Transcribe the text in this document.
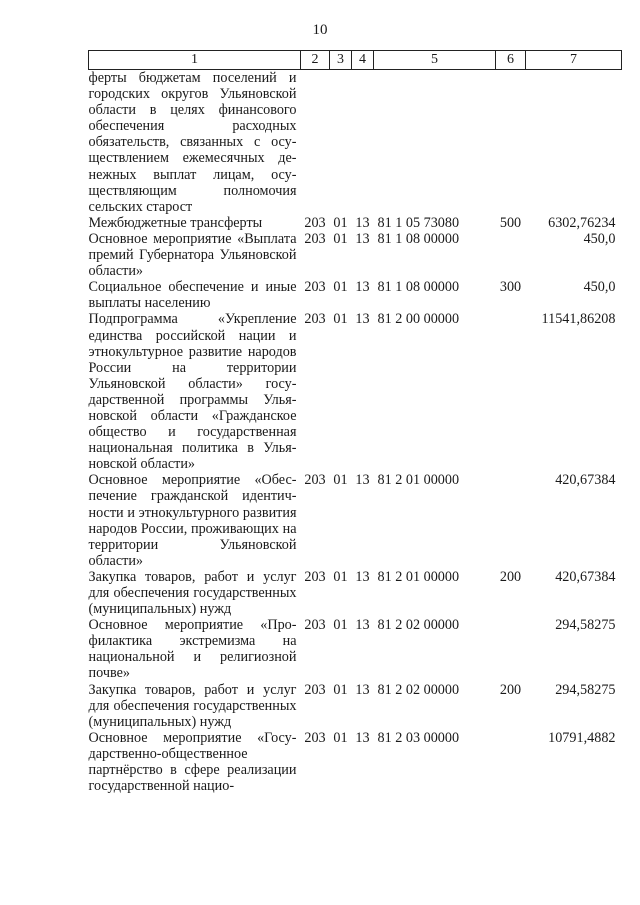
10
1	2	3	4	5	6	7
ферты бюджетам поселений и городских округов Ульяновской области в целях финансового обеспечения расходных обязательств, связанных с осуществлением ежемесячных денежных выплат лицам, осуществляющим полномочия сельских старост						
Межбюджетные трансферты	203	01	13	81 1 05 73080	500	6302,76234
Основное мероприятие «Выплата премий Губернатора Ульяновской области»	203	01	13	81 1 08 00000		450,0
Социальное обеспечение и иные выплаты населению	203	01	13	81 1 08 00000	300	450,0
Подпрограмма «Укрепление единства российской нации и этнокультурное развитие народов России на территории Ульяновской области» государственной программы Ульяновской области «Гражданское общество и государственная национальная политика в Ульяновской области»	203	01	13	81 2 00 00000		11541,86208
Основное мероприятие «Обеспечение гражданской идентичности и этнокультурного развития народов России, проживающих на территории Ульяновской области»	203	01	13	81 2 01 00000		420,67384
Закупка товаров, работ и услуг для обеспечения государственных (муниципальных) нужд	203	01	13	81 2 01 00000	200	420,67384
Основное мероприятие «Профилактика экстремизма на национальной и религиозной почве»	203	01	13	81 2 02 00000		294,58275
Закупка товаров, работ и услуг для обеспечения государственных (муниципальных) нужд	203	01	13	81 2 02 00000	200	294,58275
Основное мероприятие «Государственно-общественное партнёрство в сфере реализации государственной нацио-	203	01	13	81 2 03 00000		10791,4882
